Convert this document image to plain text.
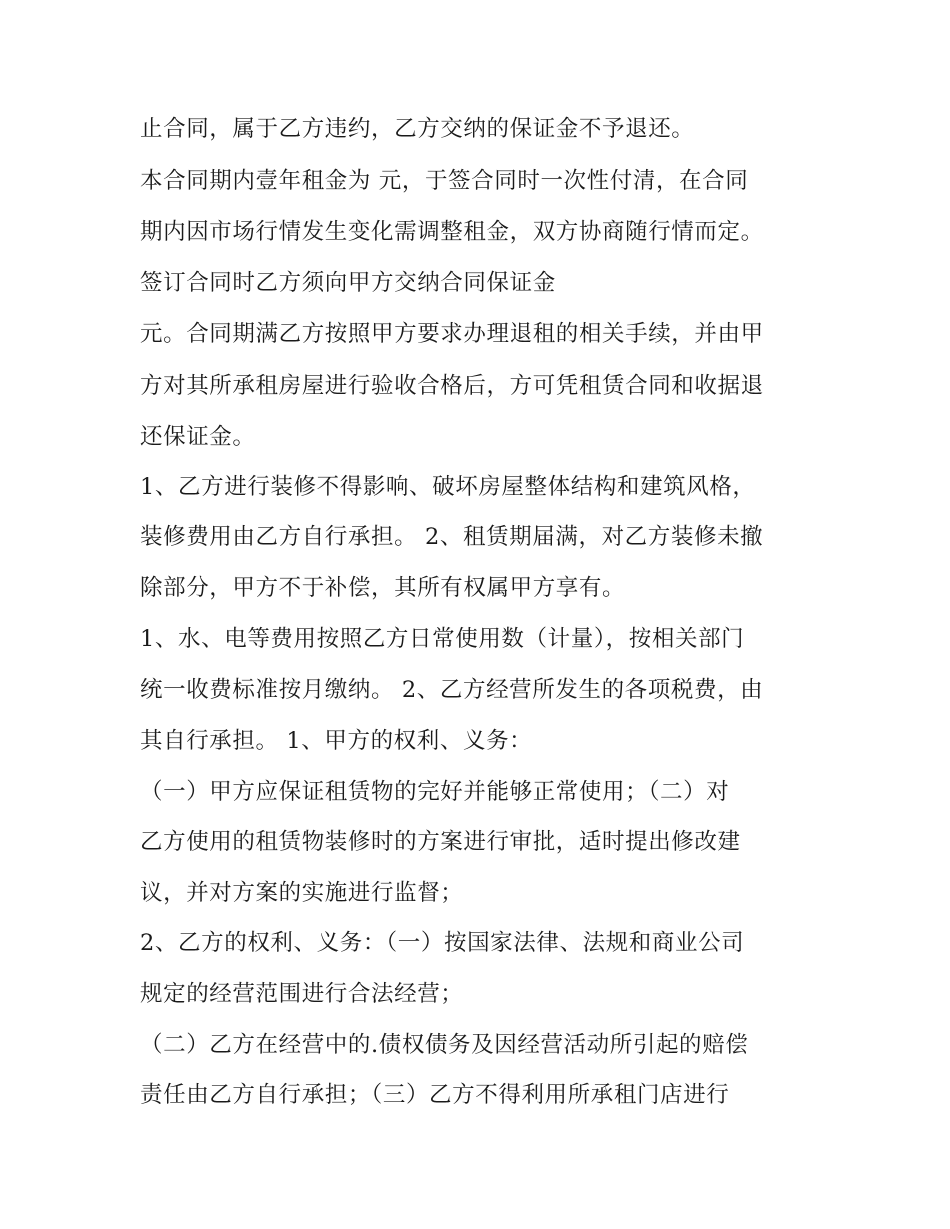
止合同，属于乙方违约，乙方交纳的保证金不予退还。
本合同期内壹年租金为 元，于签合同时一次性付清，在合同
期内因市场行情发生变化需调整租金，双方协商随行情而定。
签订合同时乙方须向甲方交纳合同保证金
元。合同期满乙方按照甲方要求办理退租的相关手续，并由甲
方对其所承租房屋进行验收合格后，方可凭租赁合同和收据退
还保证金。
1、乙方进行装修不得影响、破坏房屋整体结构和建筑风格，
装修费用由乙方自行承担。 2、租赁期届满，对乙方装修未撤
除部分，甲方不于补偿，其所有权属甲方享有。
1、水、电等费用按照乙方日常使用数（计量），按相关部门
统一收费标准按月缴纳。 2、乙方经营所发生的各项税费，由
其自行承担。 1、甲方的权利、义务：
（一）甲方应保证租赁物的完好并能够正常使用；（二）对
乙方使用的租赁物装修时的方案进行审批，适时提出修改建
议，并对方案的实施进行监督；
2、乙方的权利、义务：（一）按国家法律、法规和商业公司
规定的经营范围进行合法经营；
（二）乙方在经营中的.债权债务及因经营活动所引起的赔偿
责任由乙方自行承担；（三）乙方不得利用所承租门店进行
